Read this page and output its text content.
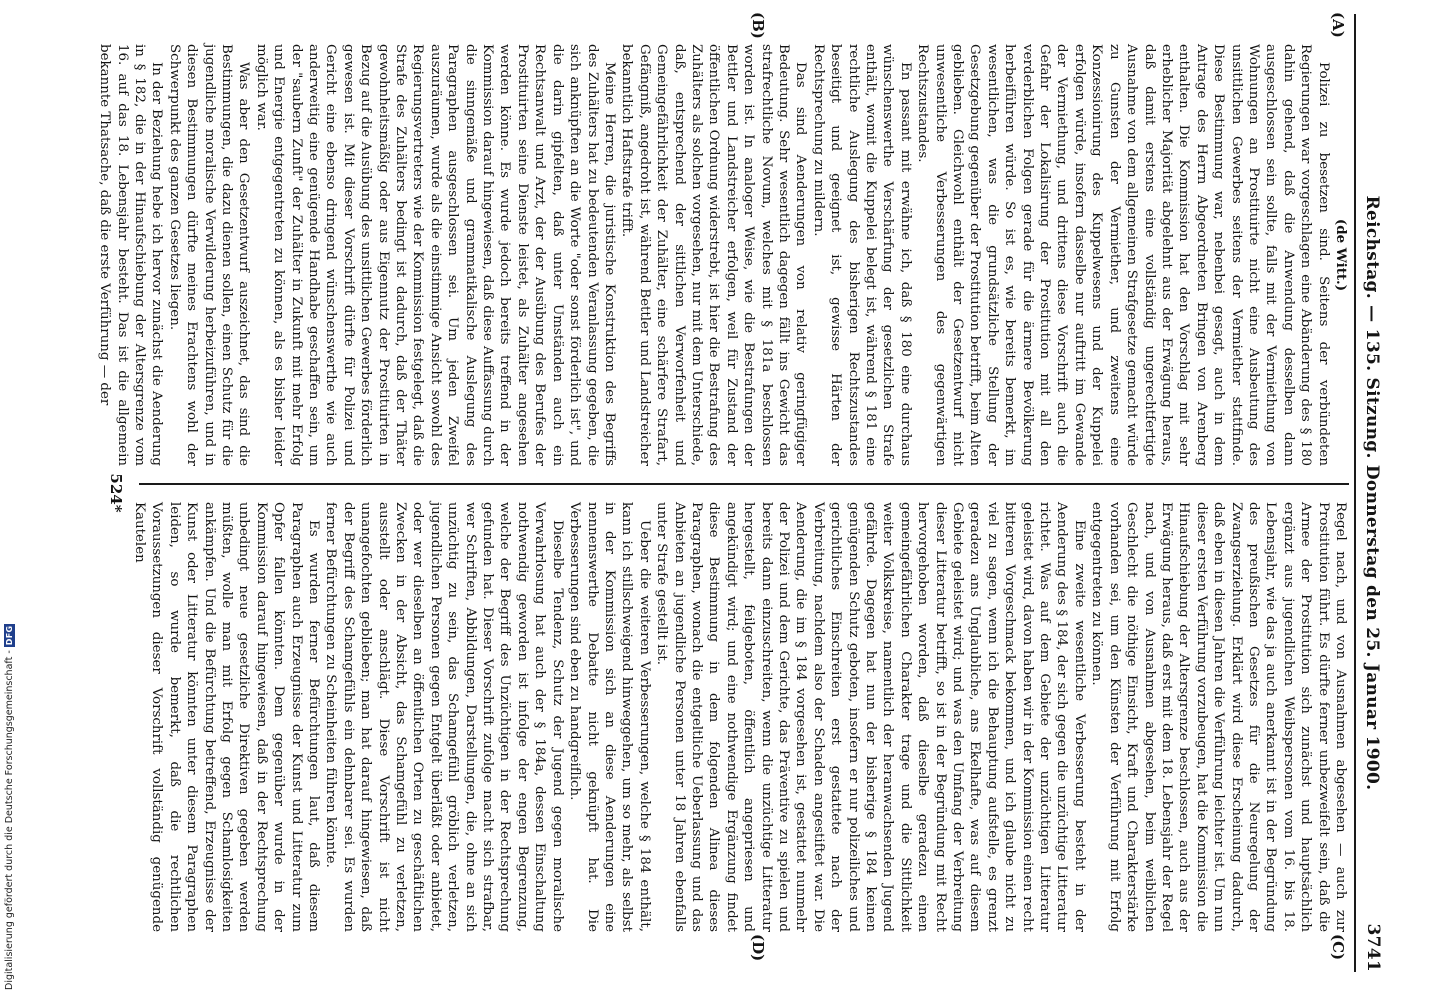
Reichstag. — 135. Sitzung. Donnerstag den 25. Januar 1900.
3741
(A)
(B)
(C)
(D)

(de Witt.)

Polizei zu besetzen sind. Seitens der verbündeten Regierungen war vorgeschlagen eine Abänderung des § 180 dahin gehend, daß die Anwendung desselben dann ausgeschlossen sein sollte, falls mit der Vermiethung von Wohnungen an Prostituirte nicht eine Ausbeutung des unsittlichen Gewerbes seitens der Vermiether stattfinde. Diese Bestimmung war, nebenbei gesagt, auch in dem Antrage des Herrn Abgeordneten Bringen von Arenberg enthalten. Die Kommission hat den Vorschlag mit sehr erheblicher Majorität abgelehnt aus der Erwägung heraus, daß damit erstens eine vollständig ungerechtfertigte Ausnahme von dem allgemeinen Strafgesetze gemacht würde zu Gunsten der Vermiether, und zweitens eine Konzessionirung des Kuppelwesens und der Kuppelei erfolgen würde, insofern dasselbe nur auftritt im Gewande der Vermiethung, und drittens diese Vorschrift auch die Gefahr der Lokalisirung der Prostitution mit all den verderblichen Folgen gerade für die ärmere Bevölkerung herbeiführen würde. So ist es, wie bereits bemerkt, im wesentlichen, was die grundsätzliche Stellung der Gesetzgebung gegenüber der Prostitution betrifft, beim Alten geblieben. Gleichwohl enthält der Gesetzentwurf nicht unwesentliche Verbesserungen des gegenwärtigen Rechtszustandes.

En passant mit erwähne ich, daß § 180 eine durchaus wünschenswerthe Verschärfung der gesetzlichen Strafe enthält, womit die Kuppelei belegt ist, während § 181 eine rechtliche Auslegung des bisherigen Rechtszustandes beseitigt und geeignet ist, gewisse Härten der Rechtsprechung zu mildern.

Das sind Aenderungen von relativ geringfügiger Bedeutung. Sehr wesentlich dagegen fällt ins Gewicht das strafrechtliche Novum, welches mit § 181a beschlossen worden ist. In analoger Weise, wie die Bestrafungen der Bettler und Landstreicher erfolgen, weil für Zustand der öffentlichen Ordnung widerstrebt, ist hier die Bestrafung des Zuhälters als solchen vorgesehen, nur mit dem Unterschiede, daß, entsprechend der sittlichen Verworfenheit und Gemeingefährlichkeit der Zuhälter, eine schärfere Strafart, Gefängniß, angedroht ist, während Bettler und Landstreicher bekanntlich Haftstrafe trifft.

Meine Herren, die juristische Konstruktion des Begriffs des Zuhälters hat zu bedeutenden Veranlassung gegeben, die sich anknüpften an die Worte "oder sonst förderlich ist", und die darin gipfelten, daß unter Umständen auch ein Rechtsanwalt und Arzt, der der Ausübung des Berufes der Prostituirten seine Dienste leistet, als Zuhälter angesehen werden könne. Es wurde jedoch bereits treffend in der Kommission darauf hingewiesen, daß diese Auffassung durch die sinngemäße und grammatikalische Auslegung des Paragraphen ausgeschlossen sei. Um jeden Zweifel auszuräumen, wurde als die einstimmige Ansicht sowohl des Regierungsvertreters wie der Kommission festgelegt, daß die Strafe des Zuhälters bedingt ist dadurch, daß der Thäter gewohnheitsmäßig oder aus Eigennutz der Prostituirten in Bezug auf die Ausübung des unsittlichen Gewerbes förderlich gewesen ist. Mit dieser Vorschrift dürfte für Polizei und Gericht eine ebenso dringend wünschenswerthe wie auch anderweitig eine genügende Handhabe geschaffen sein, um der "saubern Zunft" der Zuhälter in Zukunft mit mehr Erfolg und Energie entgegentreten zu können, als es bisher leider möglich war.

Was aber den Gesetzentwurf auszeichnet, das sind die Bestimmungen, die dazu dienen sollen, einen Schutz für die jugendliche moralische Verwilderung herbeizuführen, und in diesen Bestimmungen dürfte meines Erachtens wohl der Schwerpunkt des ganzen Gesetzes liegen.

In der Beziehung hebe ich hervor zunächst die Aenderung in § 182, die in der Hinaufschiebung der Altersgrenze vom 16. auf das 18. Lebensjahr besteht. Das ist die allgemein bekannte Thatsache, daß die erste Verführung — der

Regel nach, und von Ausnahmen abgesehen — auch zur Prostitution führt. Es dürfte ferner unbezweifelt sein, daß die Armee der Prostitution sich zunächst und hauptsächlich ergänzt aus jugendlichen Weibspersonen vom 16. bis 18. Lebensjahr, wie das ja auch anerkannt ist in der Begründung des preußischen Gesetzes für die Neuregelung der Zwangserziehung. Erklärt wird diese Erscheinung dadurch, daß eben in diesen Jahren die Verführung leichter ist. Um nun dieser ersten Verführung vorzubeugen, hat die Kommission die Hinaufschiebung der Altersgrenze beschlossen, auch aus der Erwägung heraus, daß erst mit dem 18. Lebensjahr der Regel nach, und von Ausnahmen abgesehen, beim weiblichen Geschlecht die nöthige Einsicht, Kraft und Charakterstärke vorhanden sei, um den Künsten der Verführung mit Erfolg entgegentreten zu können.

Eine zweite wesentliche Verbesserung besteht in der Aenderung des § 184, der sich gegen die unzüchtige Litteratur richtet. Was auf dem Gebiete der unzüchtigen Litteratur geleistet wird, davon haben wir in der Kommission einen recht bitteren Vorgeschmack bekommen, und ich glaube nicht zu viel zu sagen, wenn ich die Behauptung aufstelle, es grenzt geradezu ans Unglaubliche, ans Ekelhafte, was auf diesem Gebiete geleistet wird; und was den Umfang der Verbreitung dieser Litteratur betrifft, so ist in der Begründung mit Recht hervorgehoben worden, daß dieselbe geradezu einen gemeingefährlichen Charakter trage und die Sittlichkeit weiter Volkskreise, namentlich der heranwachsenden Jugend gefährde. Dagegen hat nun der bisherige § 184 keinen genügenden Schutz geboten, insofern er nur polizeiliches und gerichtliches Einschreiten erst gestattete nach der Verbreitung, nachdem also der Schaden angestiftet war. Die Aenderung, die im § 184 vorgesehen ist, gestattet nunmehr der Polizei und dem Gerichte, das Präventive zu spielen und bereits dann einzuschreiten, wenn die unzüchtige Litteratur hergestellt, feilgeboten, öffentlich angepriesen und angekündigt wird; und eine nothwendige Ergänzung findet diese Bestimmung in dem folgenden Alinea dieses Paragraphen, wonach die entgeltliche Ueberlassung und das Anbieten an jugendliche Personen unter 18 Jahren ebenfalls unter Strafe gestellt ist.

Ueber die weiteren Verbesserungen, welche § 184 enthält, kann ich stillschweigend hinweggehen, um so mehr, als selbst in der Kommission sich an diese Aenderungen eine nennenswerthe Debatte nicht geknüpft hat. Die Verbesserungen sind eben zu handgreiflich.

Dieselbe Tendenz, Schutz der Jugend gegen moralische Verwahrlosung hat auch der § 184a, dessen Einschaltung nothwendig geworden ist infolge der engen Begrenzung, welche der Begriff des Unzüchtigen in der Rechtsprechung gefunden hat. Dieser Vorschrift zufolge macht sich strafbar, wer Schriften, Abbildungen, Darstellungen, die, ohne an sich unzüchtig zu sein, das Schamgefühl gröblich verletzen, jugendlichen Personen gegen Entgelt überläßt oder anbietet, oder wer dieselben an öffentlichen Orten zu geschäftlichen Zwecken in der Absicht, das Schamgefühl zu verletzen, ausstellt oder anschlägt. Diese Vorschrift ist nicht unangefochten geblieben; man hat darauf hingewiesen, daß der Begriff des Schamgefühls ein dehnbarer sei. Es wurden ferner Befürchtungen zu Scheinheiten führen könnte.

Es wurden ferner Befürchtungen laut, daß diesem Paragraphen auch Erzeugnisse der Kunst und Litteratur zum Opfer fallen könnten. Dem gegenüber wurde in der Kommission darauf hingewiesen, daß in der Rechtsprechung unbedingt neue gesetzliche Direktiven gegeben werden müßten, wolle man mit Erfolg gegen Schamlosigkeiten ankämpfen. Und die Befürchtung betreffend, Erzeugnisse der Kunst oder Litteratur könnten unter diesem Paragraphen leiden, so wurde bemerkt, daß die rechtlichen Voraussetzungen dieser Vorschrift vollständig genügende Kautelen

524*
Digitalisierung gefördert durch die Deutsche Forschungsgemeinschaft -
DFG
